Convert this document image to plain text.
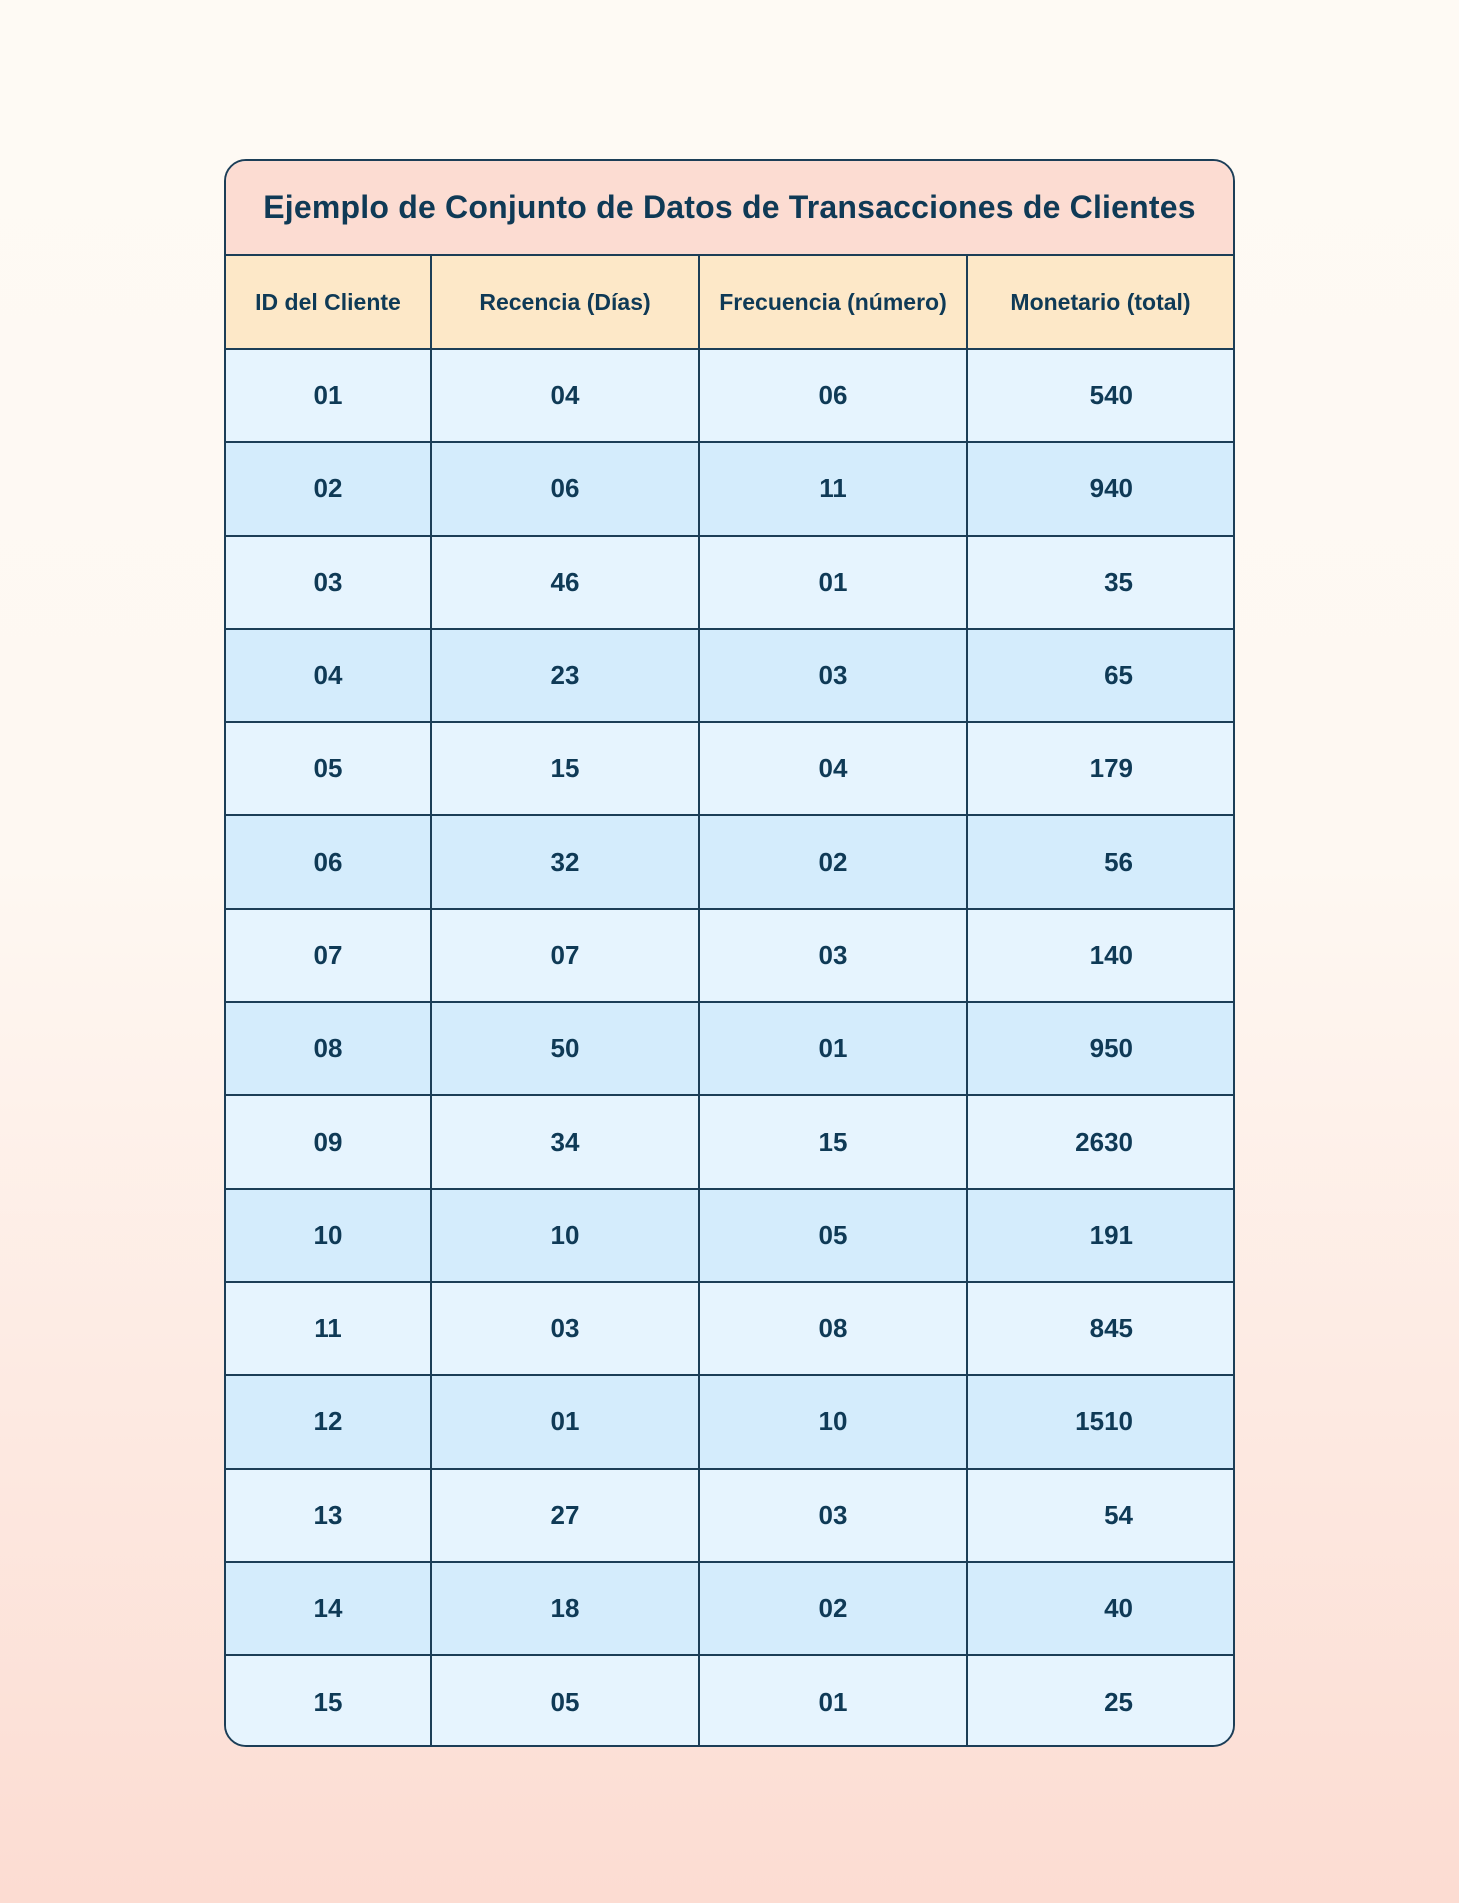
Ejemplo de Conjunto de Datos de Transacciones de Clientes
ID del Cliente	Recencia (Días)	Frecuencia (número)	Monetario (total)
01	04	06	540
02	06	11	940
03	46	01	35
04	23	03	65
05	15	04	179
06	32	02	56
07	07	03	140
08	50	01	950
09	34	15	2630
10	10	05	191
11	03	08	845
12	01	10	1510
13	27	03	54
14	18	02	40
15	05	01	25
